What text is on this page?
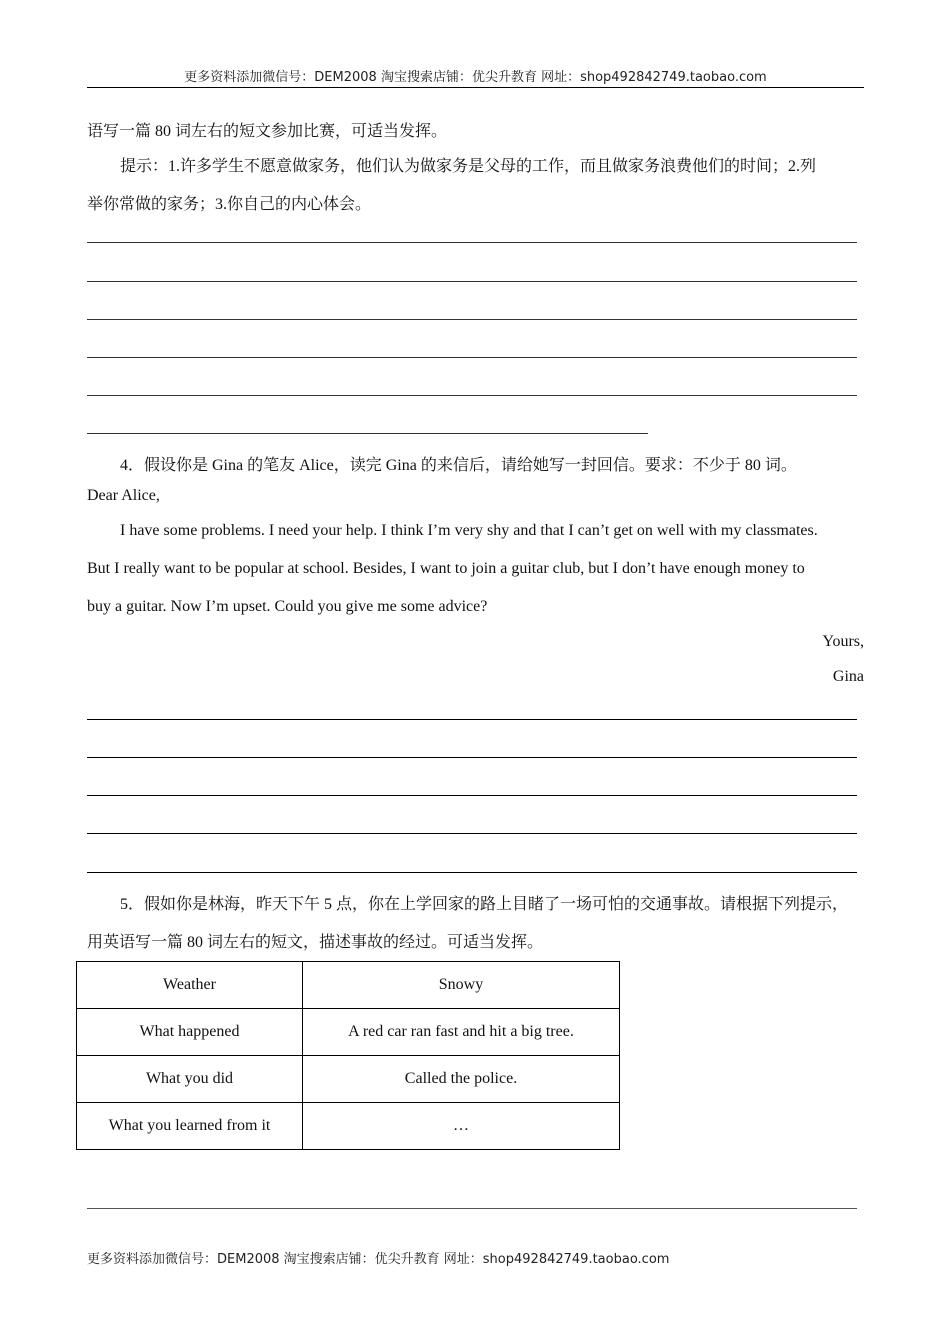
更多资料添加微信号：DEM2008 淘宝搜索店铺：优尖升教育 网址：shop492842749.taobao.com
语写一篇 80 词左右的短文参加比赛，可适当发挥。
提示：1.许多学生不愿意做家务，他们认为做家务是父母的工作，而且做家务浪费他们的时间；2.列
举你常做的家务；3.你自己的内心体会。
4．假设你是 Gina 的笔友 Alice，读完 Gina 的来信后，请给她写一封回信。要求：不少于 80 词。
Dear Alice,
I have some problems. I need your help. I think I’m very shy and that I can’t get on well with my classmates.
But I really want to be popular at school. Besides, I want to join a guitar club, but I don’t have enough money to
buy a guitar. Now I’m upset. Could you give me some advice?
Yours,
Gina
5．假如你是林海，昨天下午 5 点，你在上学回家的路上目睹了一场可怕的交通事故。请根据下列提示，
用英语写一篇 80 词左右的短文，描述事故的经过。可适当发挥。
Weather	Snowy
What happened	A red car ran fast and hit a big tree.
What you did	Called the police.
What you learned from it	…
更多资料添加微信号：DEM2008 淘宝搜索店铺：优尖升教育 网址：shop492842749.taobao.com
